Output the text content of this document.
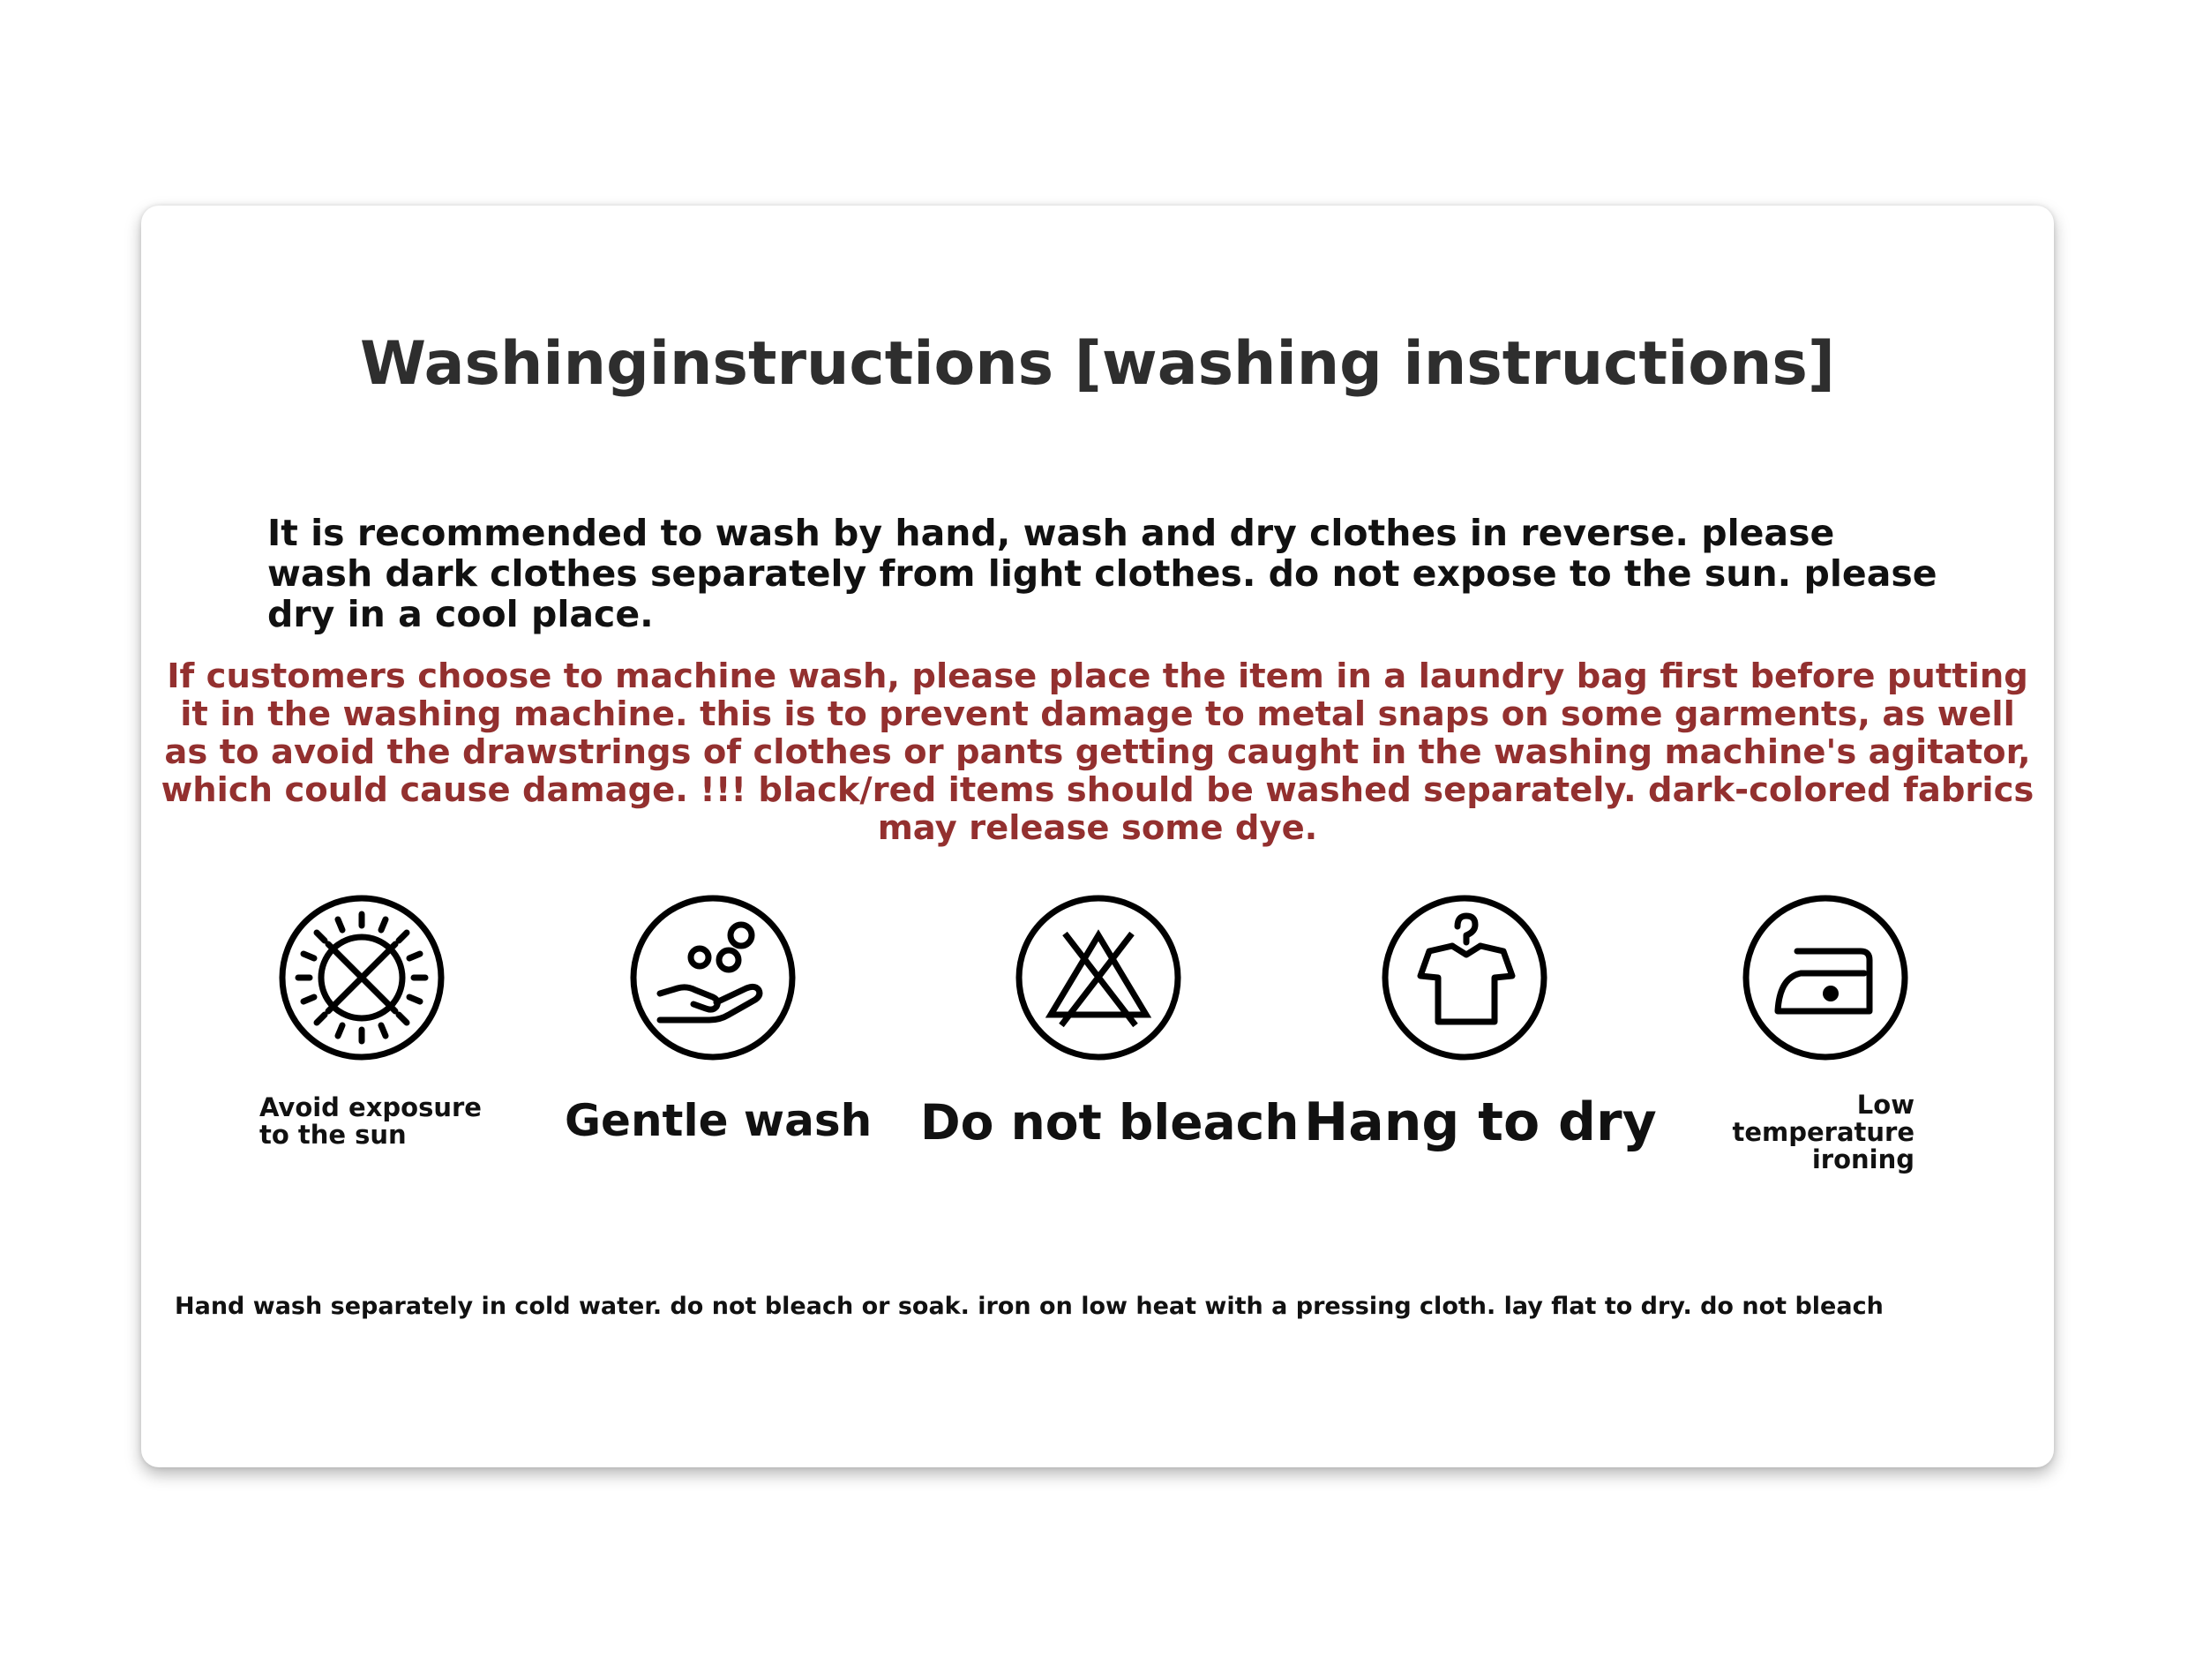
Washinginstructions [washing instructions]

It is recommended to wash by hand, wash and dry clothes in reverse. please wash dark clothes separately from light clothes. do not expose to the sun. please dry in a cool place.

If customers choose to machine wash, please place the item in a laundry bag first before putting it in the washing machine. this is to prevent damage to metal snaps on some garments, as well as to avoid the drawstrings of clothes or pants getting caught in the washing machine's agitator, which could cause damage. !!! black/red items should be washed separately. dark-colored fabrics may release some dye.

Avoid exposure to the sun	Gentle wash Do not bleach Hang to dry	Low temperature ironing
Hand wash separately in cold water. do not bleach or soak. iron on low heat with a pressing cloth. lay flat to dry. do not bleach
